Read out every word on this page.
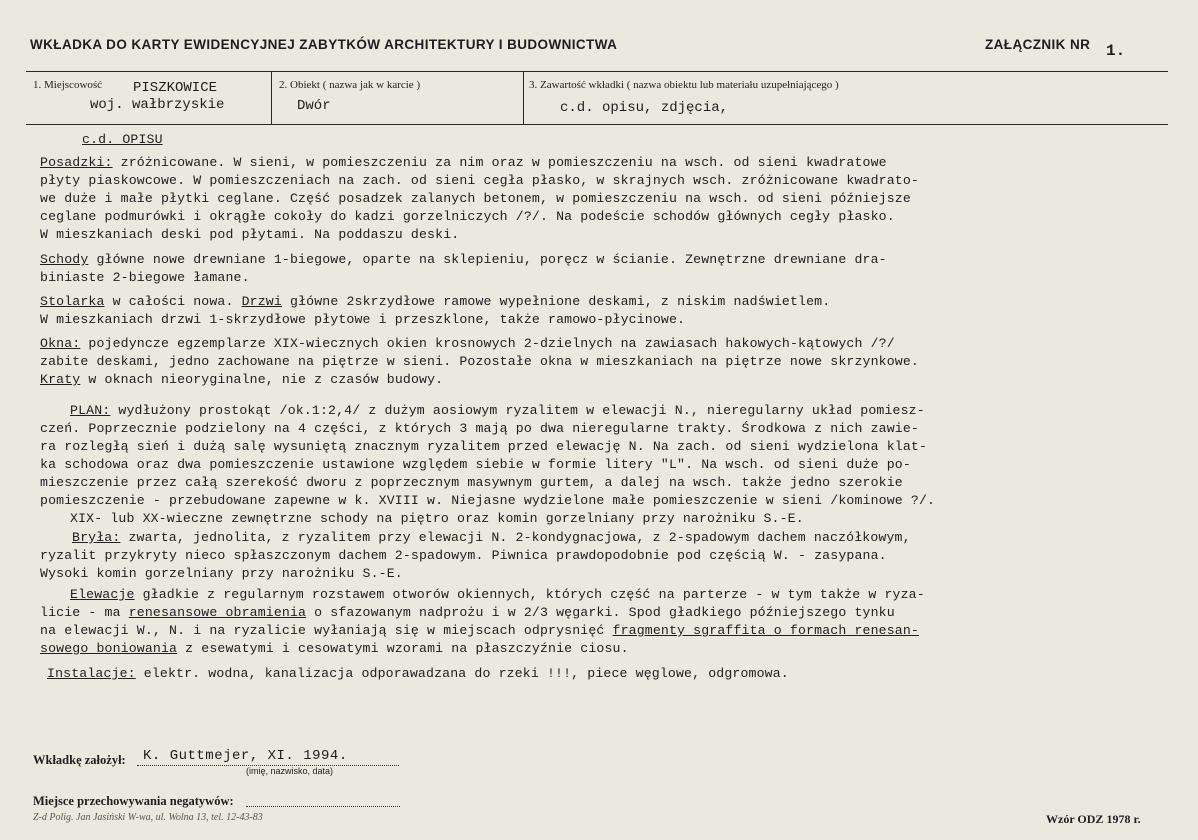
WKŁADKA DO KARTY EWIDENCYJNEJ ZABYTKÓW ARCHITEKTURY I BUDOWNICTWA	ZAŁĄCZNIK NR 1.
1. Miejscowość PISZKOWICE
woj. wałbrzyskie
2. Obiekt ( nazwa jak w karcie )
Dwór
3. Zawartość wkładki ( nazwa obiektu lub materiału uzupełniającego )
c.d. opisu, zdjęcia,
c.d. OPISU
Posadzki: zróżnicowane. W sieni, w pomieszczeniu za nim oraz w pomieszczeniu na wsch. od sieni kwadratowe
płyty piaskowcowe. W pomieszczeniach na zach. od sieni cegła płasko, w skrajnych wsch. zróżnicowane kwadrato-
we duże i małe płytki ceglane. Część posadzek zalanych betonem, w pomieszczeniu na wsch. od sieni późniejsze
ceglane podmurówki i okrągłe cokoły do kadzi gorzelniczych /?/. Na podeście schodów głównych cegły płasko.
W mieszkaniach deski pod płytami. Na poddaszu deski.
Schody główne nowe drewniane 1-biegowe, oparte na sklepieniu, poręcz w ścianie. Zewnętrzne drewniane dra-
biniaste 2-biegowe łamane.
Stolarka w całości nowa. Drzwi główne 2skrzydłowe ramowe wypełnione deskami, z niskim nadświetlem.
W mieszkaniach drzwi 1-skrzydłowe płytowe i przeszklone, także ramowo-płycinowe.
Okna: pojedyncze egzemplarze XIX-wiecznych okien krosnowych 2-dzielnych na zawiasach hakowych-kątowych /?/
zabite deskami, jedno zachowane na piętrze w sieni. Pozostałe okna w mieszkaniach na piętrze nowe skrzynkowe.
Kraty w oknach nieoryginalne, nie z czasów budowy.
PLAN: wydłużony prostokąt /ok.1:2,4/ z dużym aosiowym ryzalitem w elewacji N., nieregularny układ pomiesz-
czeń. Poprzecznie podzielony na 4 części, z których 3 mają po dwa nieregularne trakty. Środkowa z nich zawie-
ra rozległą sień i dużą salę wysuniętą znacznym ryzalitem przed elewację N. Na zach. od sieni wydzielona klat-
ka schodowa oraz dwa pomieszczenie ustawione względem siebie w formie litery "L". Na wsch. od sieni duże po-
mieszczenie przez całą szerekość dworu z poprzecznym masywnym gurtem, a dalej na wsch. także jedno szerokie
pomieszczenie - przebudowane zapewne w k. XVIII w. Niejasne wydzielone małe pomieszczenie w sieni /kominowe ?/.
XIX- lub XX-wieczne zewnętrzne schody na piętro oraz komin gorzelniany przy narożniku S.-E.
Bryła: zwarta, jednolita, z ryzalitem przy elewacji N. 2-kondygnacjowa, z 2-spadowym dachem naczółkowym,
ryzalit przykryty nieco spłaszczonym dachem 2-spadowym. Piwnica prawdopodobnie pod częścią W. - zasypana.
Wysoki komin gorzelniany przy narożniku S.-E.
Elewacje gładkie z regularnym rozstawem otworów okiennych, których część na parterze - w tym także w ryza-
licie - ma renesansowe obramienia o sfazowanym nadprożu i w 2/3 węgarki. Spod gładkiego późniejszego tynku
na elewacji W., N. i na ryzalicie wyłaniają się w miejscach odprysnięć fragmenty sgraffita o formach renesan-
sowego boniowania z esewatymi i cesowatymi wzorami na płaszczyźnie ciosu.
Instalacje: elektr. wodna, kanalizacja odporawadzana do rzeki !!!, piece węglowe, odgromowa.
Wkładkę założył: K. Guttmejer, XI. 1994.
(imię, nazwisko, data)
Miejsce przechowywania negatywów:
Z-d Polig. Jan Jasiński W-wa, ul. Wolna 13, tel. 12-43-83	Wzór ODZ 1978 r.
